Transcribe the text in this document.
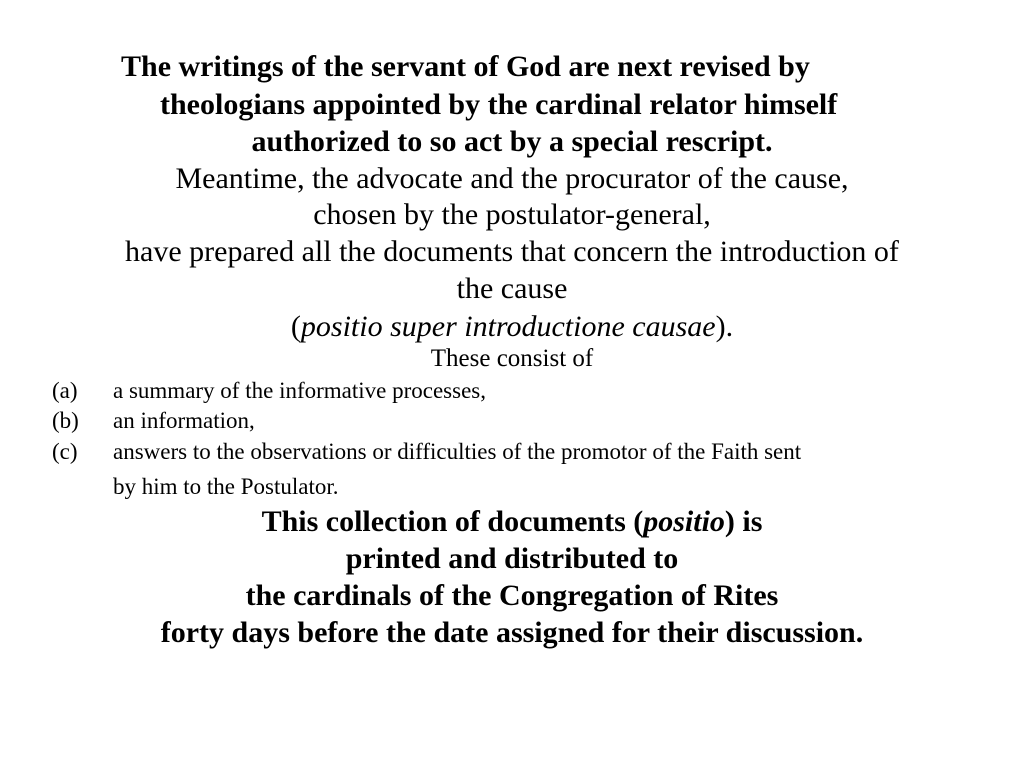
The writings of the servant of God are next revised by
theologians appointed by the cardinal relator himself
authorized to so act by a special rescript.
Meantime, the advocate and the procurator of the cause,
chosen by the postulator-general,
have prepared all the documents that concern the introduction of
the cause
(positio super introductione causae).
These consist of
(a) a summary of the informative processes,
(b) an information,
(c) answers to the observations or difficulties of the promotor of the Faith sent
by him to the Postulator.
This collection of documents (positio) is
printed and distributed to
the cardinals of the Congregation of Rites
forty days before the date assigned for their discussion.
